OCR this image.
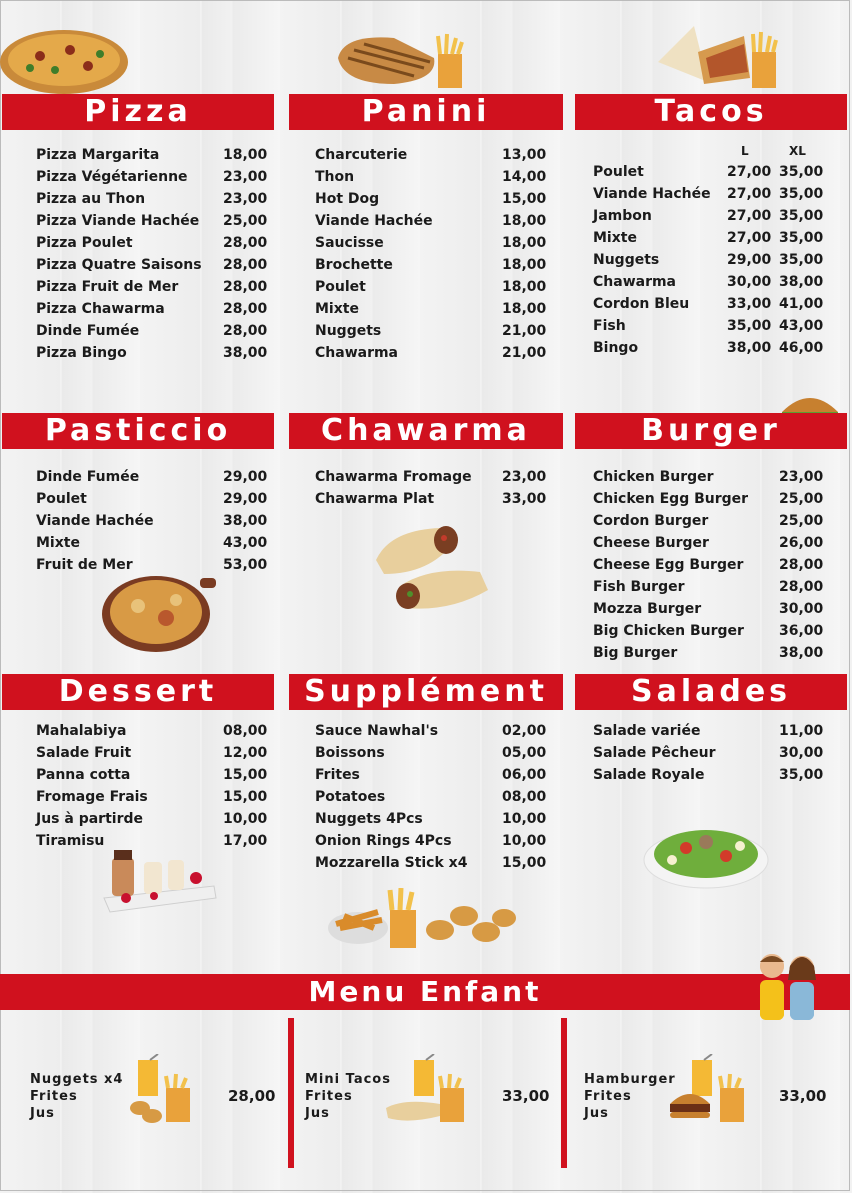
Pizza	Panini	Tacos
Pasticcio	Chawarma	Burger
Dessert	Supplément	Salades
Pizza Margarita	18,00
Pizza Végétarienne	23,00
Pizza au Thon	23,00
Pizza Viande Hachée 25,00
Pizza Poulet	28,00
Pizza Quatre Saisons 28,00
Pizza Fruit de Mer	28,00
Pizza Chawarma	28,00
Dinde Fumée	28,00
Pizza Bingo	38,00
Charcuterie	13,00
Thon	14,00
Hot Dog	15,00
Viande Hachée	18,00
Saucisse	18,00
Brochette	18,00
Poulet	18,00
Mixte	18,00
Nuggets	21,00
Chawarma	21,00
L	XL
Poulet	27,00 35,00
Viande Hachée 27,00 35,00
Jambon	27,00 35,00
Mixte	27,00 35,00
Nuggets	29,00 35,00
Chawarma	30,00 38,00
Cordon Bleu	33,00 41,00
Fish	35,00 43,00
Bingo	38,00 46,00
Dinde Fumée	29,00
Poulet	29,00
Viande Hachée	38,00
Mixte	43,00
Fruit de Mer	53,00
Chawarma Fromage 23,00
Chawarma Plat	33,00
Chicken Burger	23,00
Chicken Egg Burger 25,00
Cordon Burger	25,00
Cheese Burger	26,00
Cheese Egg Burger	28,00
Fish Burger	28,00
Mozza Burger	30,00
Big Chicken Burger	36,00
Big Burger	38,00
Mahalabiya	08,00
Salade Fruit	12,00
Panna cotta	15,00
Fromage Frais	15,00
Jus à partirde	10,00
Tiramisu	17,00
Sauce Nawhal's	02,00
Boissons	05,00
Frites	06,00
Potatoes	08,00
Nuggets 4Pcs	10,00
Onion Rings 4Pcs	10,00
Mozzarella Stick x4 15,00
Salade variée	11,00
Salade Pêcheur	30,00
Salade Royale	35,00
Menu Enfant
Nuggets x4
Frites
Jus
28,00
Mini Tacos
Frites
Jus
33,00
Hamburger
Frites
Jus
33,00
